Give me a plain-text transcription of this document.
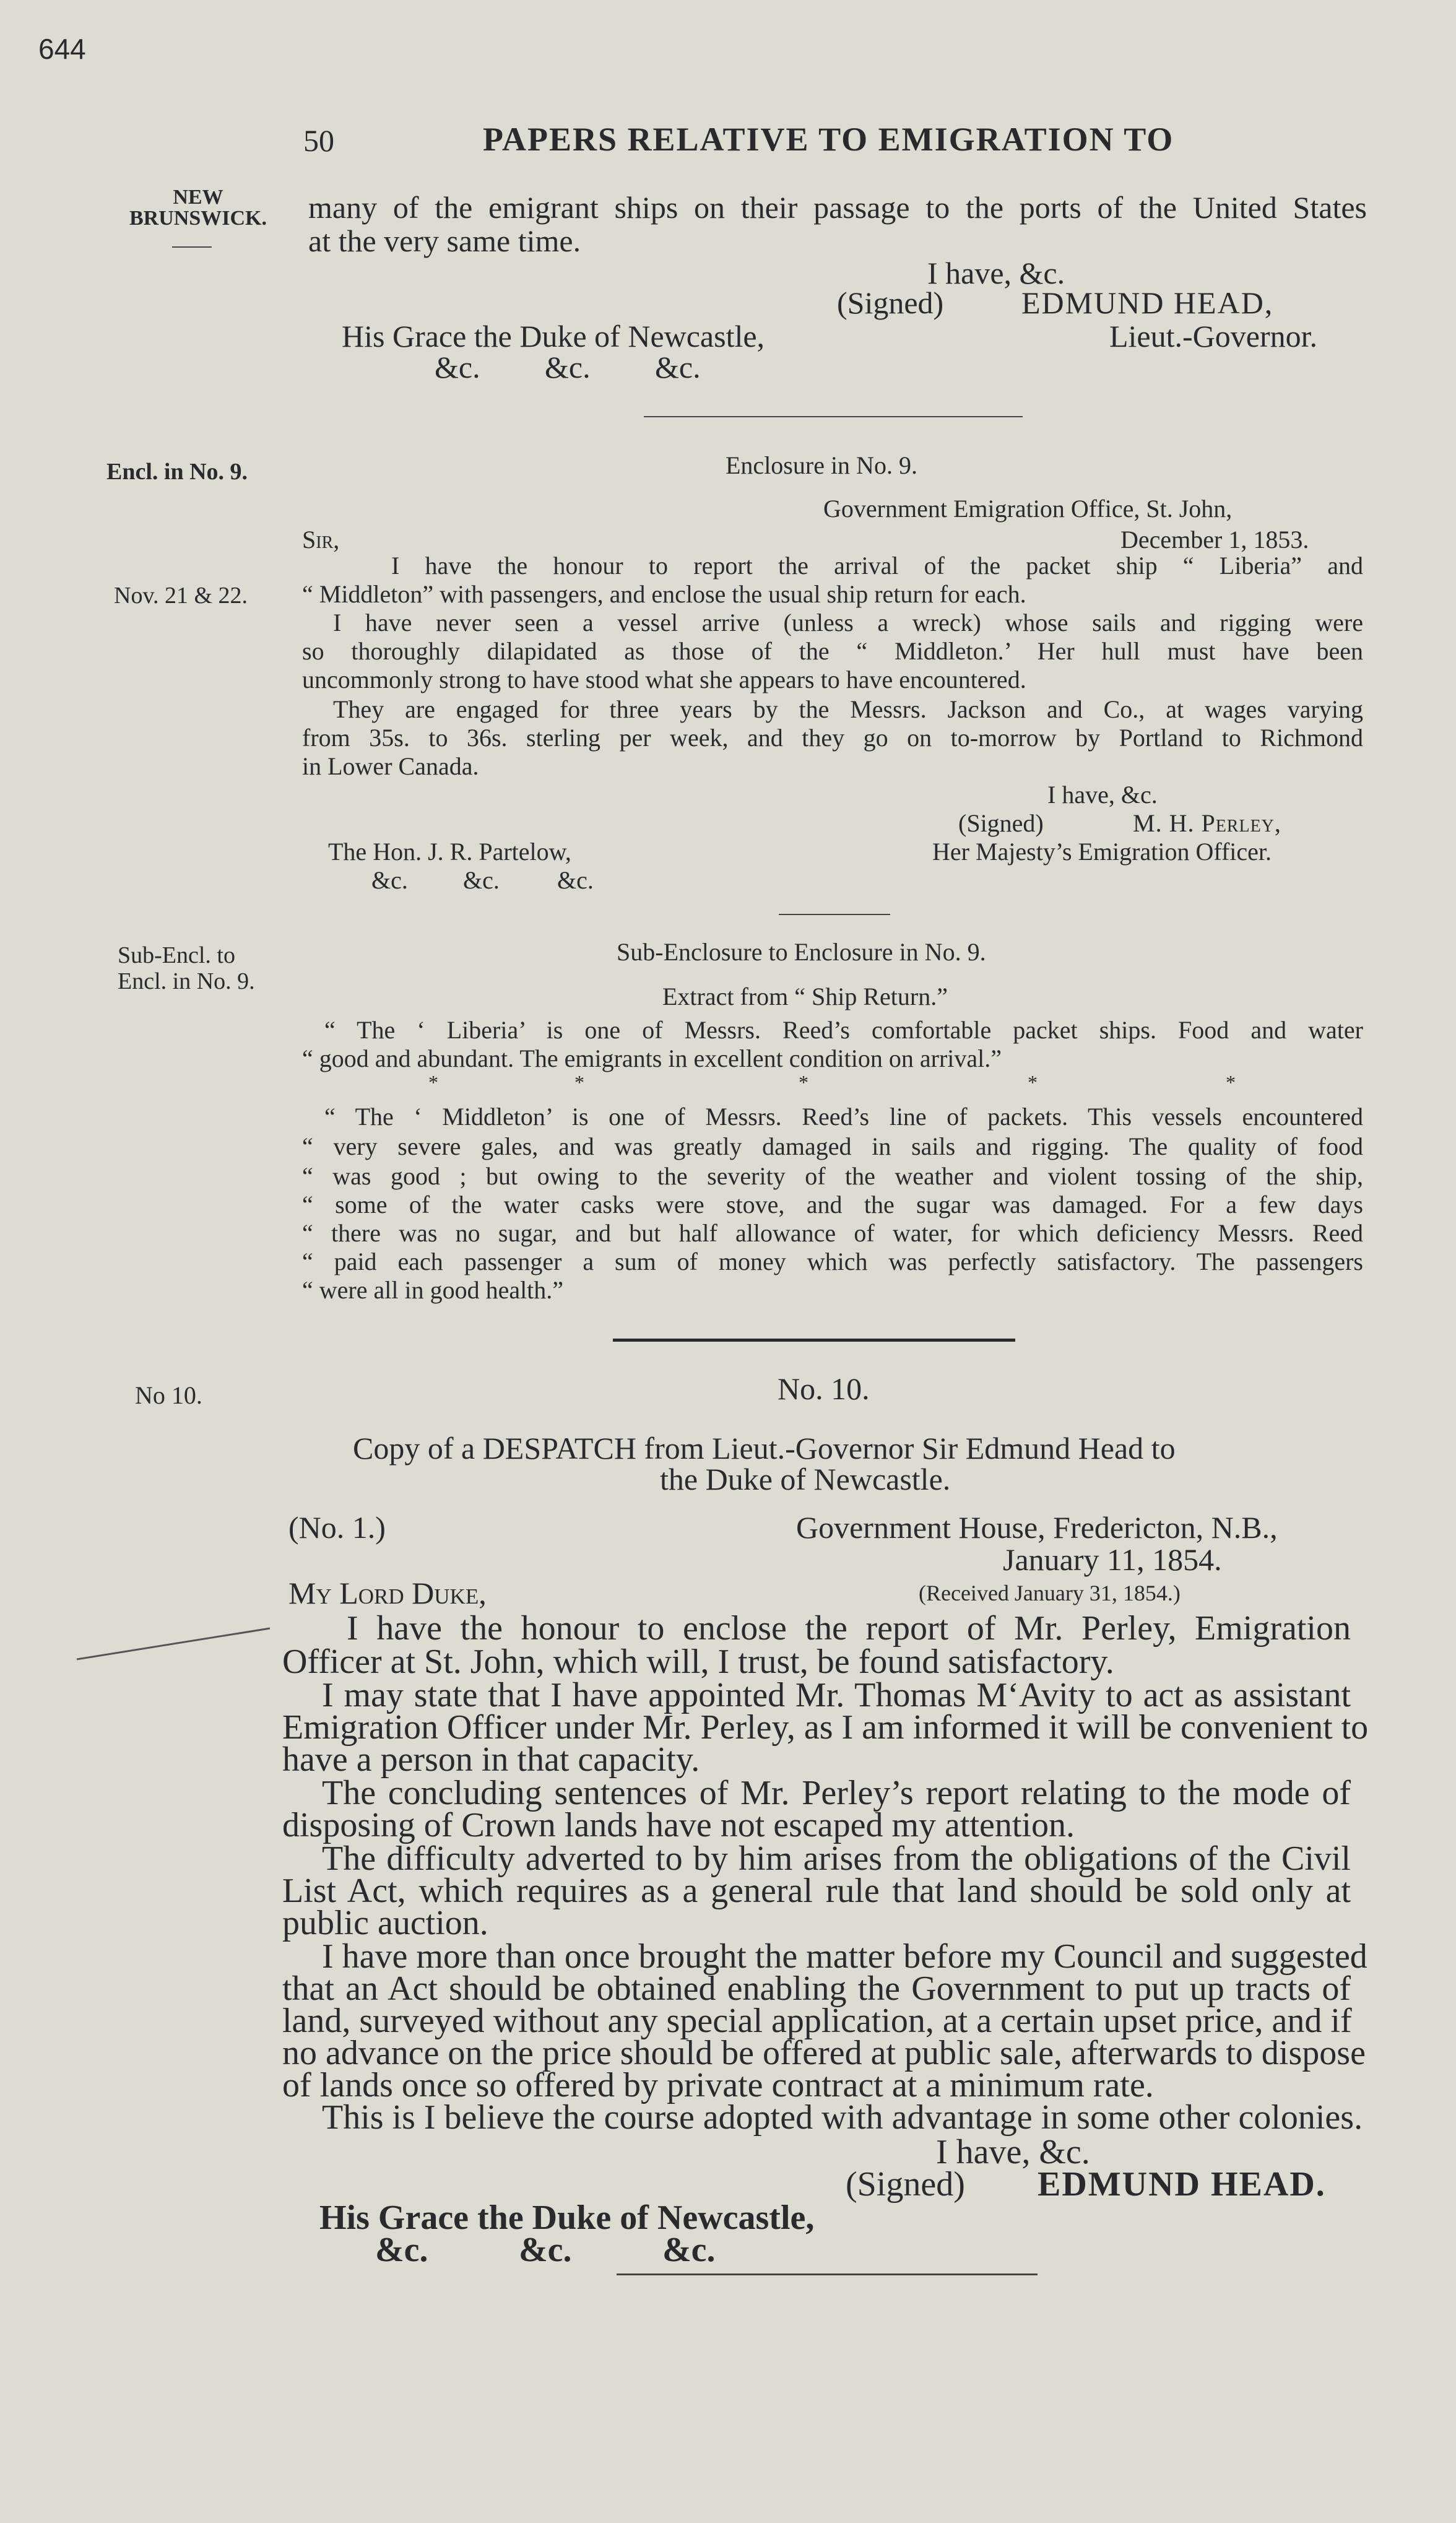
644
50	PAPERS RELATIVE TO EMIGRATION TO
NEW
BRUNSWICK.	many of the emigrant ships on their passage to the ports of the United States
at the very same time.
I have, &c.
(Signed)	EDMUND HEAD,
His Grace the Duke of Newcastle,	Lieut.-Governor.
&c. &c. &c.
Encl. in No. 9.	Enclosure in No. 9.
Government Emigration Office, St. John,
Sir,	December 1, 1853.
Nov. 21 & 22.
I have the honour to report the arrival of the packet ship “ Liberia” and
“ Middleton” with passengers, and enclose the usual ship return for each.
I have never seen a vessel arrive (unless a wreck) whose sails and rigging were
so thoroughly dilapidated as those of the “ Middleton.’ Her hull must have been
uncommonly strong to have stood what she appears to have encountered.
They are engaged for three years by the Messrs. Jackson and Co., at wages varying
from 35s. to 36s. sterling per week, and they go on to-morrow by Portland to Richmond
in Lower Canada.
I have, &c.
(Signed)	M. H. Perley,
The Hon. J. R. Partelow,	Her Majesty’s Emigration Officer.
&c. &c. &c.
Sub-Encl. to
Encl. in No. 9.
Sub-Enclosure to Enclosure in No. 9.
Extract from “ Ship Return.”
“ The ‘ Liberia’ is one of Messrs. Reed’s comfortable packet ships. Food and water
“ good and abundant. The emigrants in excellent condition on arrival.”
*	*	*	*	*
“ The ‘ Middleton’ is one of Messrs. Reed’s line of packets. This vessels encountered
“ very severe gales, and was greatly damaged in sails and rigging. The quality of food
“ was good ; but owing to the severity of the weather and violent tossing of the ship,
“ some of the water casks were stove, and the sugar was damaged. For a few days
“ there was no sugar, and but half allowance of water, for which deficiency Messrs. Reed
“ paid each passenger a sum of money which was perfectly satisfactory. The passengers
“ were all in good health.”
No 10.	No. 10.
Copy of a DESPATCH from Lieut.-Governor Sir Edmund Head to
the Duke of Newcastle.
(No. 1.)	Government House, Fredericton, N.B.,
January 11, 1854.
My Lord Duke,	(Received January 31, 1854.)
I have the honour to enclose the report of Mr. Perley, Emigration
Officer at St. John, which will, I trust, be found satisfactory.
I may state that I have appointed Mr. Thomas M‘Avity to act as assistant
Emigration Officer under Mr. Perley, as I am informed it will be convenient to
have a person in that capacity.
The concluding sentences of Mr. Perley’s report relating to the mode of
disposing of Crown lands have not escaped my attention.
The difficulty adverted to by him arises from the obligations of the Civil
List Act, which requires as a general rule that land should be sold only at
public auction.
I have more than once brought the matter before my Council and suggested
that an Act should be obtained enabling the Government to put up tracts of
land, surveyed without any special application, at a certain upset price, and if
no advance on the price should be offered at public sale, afterwards to dispose
of lands once so offered by private contract at a minimum rate.
This is I believe the course adopted with advantage in some other colonies.
I have, &c.
(Signed) EDMUND HEAD.
His Grace the Duke of Newcastle,
&c.	&c.	&c.
